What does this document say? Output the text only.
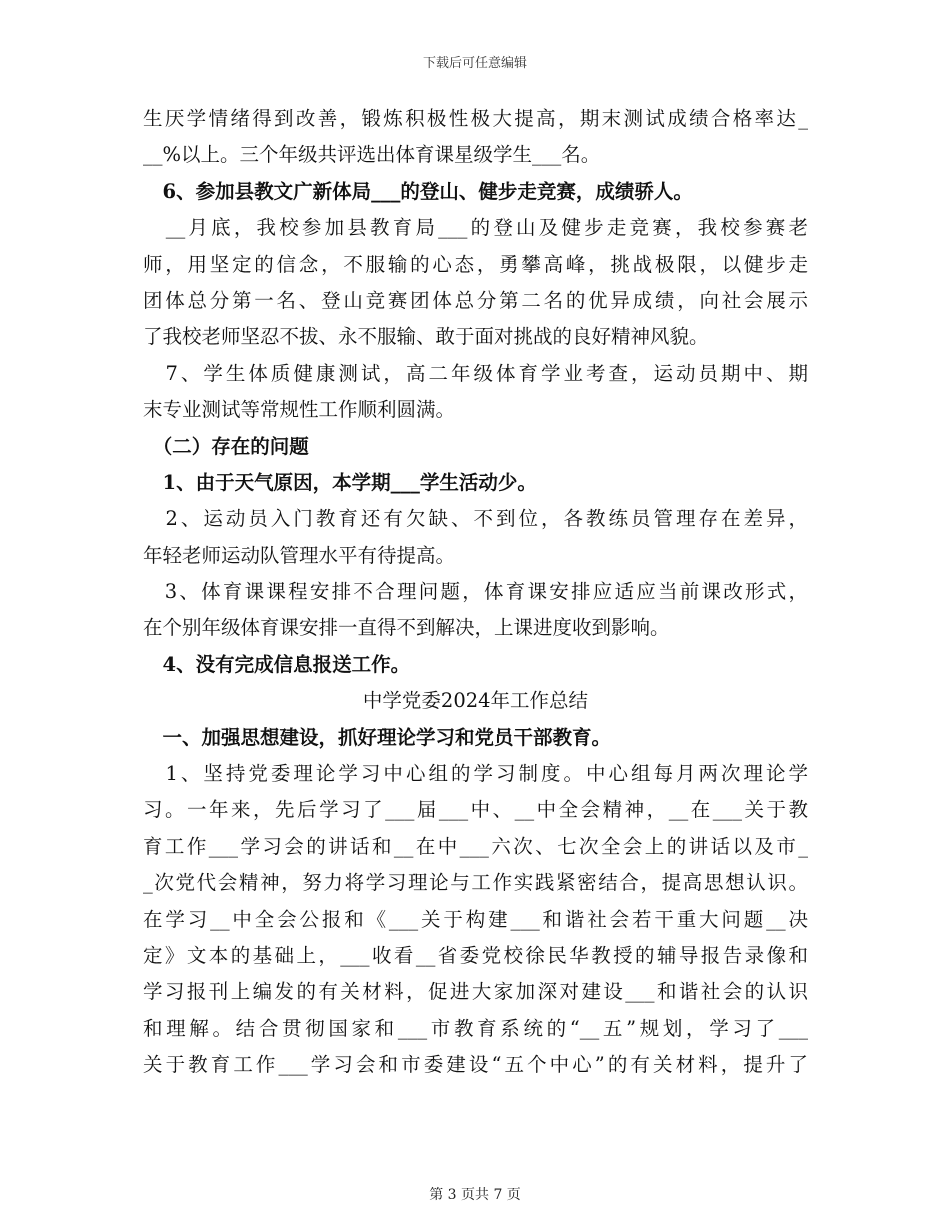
下载后可任意编辑
生厌学情绪得到改善，锻炼积极性极大提高，期末测试成绩合格率达_
__%以上。三个年级共评选出体育课星级学生___名。
　6、参加县教文广新体局___的登山、健步走竞赛，成绩骄人。
　__月底，我校参加县教育局___的登山及健步走竞赛，我校参赛老
师，用坚定的信念，不服输的心态，勇攀高峰，挑战极限，以健步走
团体总分第一名、登山竞赛团体总分第二名的优异成绩，向社会展示
了我校老师坚忍不拔、永不服输、敢于面对挑战的良好精神风貌。
　7、学生体质健康测试，高二年级体育学业考查，运动员期中、期
末专业测试等常规性工作顺利圆满。
　（二）存在的问题
　1、由于天气原因，本学期___学生活动少。
　2、运动员入门教育还有欠缺、不到位，各教练员管理存在差异，
年轻老师运动队管理水平有待提高。
　3、体育课课程安排不合理问题，体育课安排应适应当前课改形式，
在个别年级体育课安排一直得不到解决，上课进度收到影响。
　4、没有完成信息报送工作。
中学党委2024年工作总结
　一、加强思想建设，抓好理论学习和党员干部教育。
　1、坚持党委理论学习中心组的学习制度。中心组每月两次理论学
习。一年来，先后学习了___届___中、__中全会精神，__在___关于教
育工作___学习会的讲话和__在中___六次、七次全会上的讲话以及市_
_次党代会精神，努力将学习理论与工作实践紧密结合，提高思想认识。
在学习__中全会公报和《___关于构建___和谐社会若干重大问题__决
定》文本的基础上，___收看__省委党校徐民华教授的辅导报告录像和
学习报刊上编发的有关材料，促进大家加深对建设___和谐社会的认识
和理解。结合贯彻国家和___市教育系统的“__五”规划，学习了___
关于教育工作___学习会和市委建设“五个中心”的有关材料，提升了
第 3 页共 7 页
